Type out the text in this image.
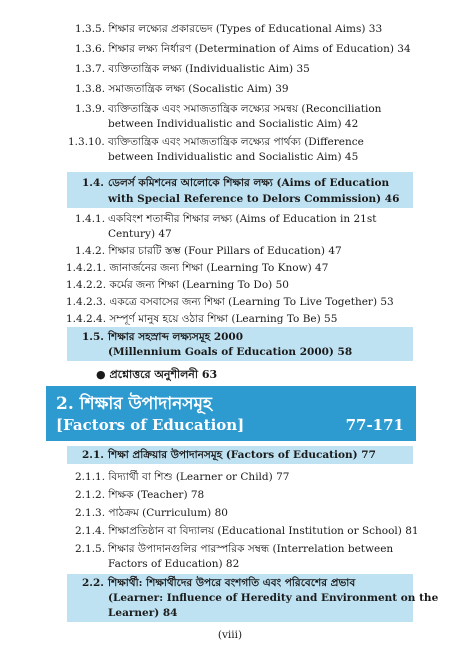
1.3.5. শিক্ষার লক্ষ্যের প্রকারভেদ (Types of Educational Aims) 33
1.3.6. শিক্ষার লক্ষ্য নির্ধারণ (Determination of Aims of Education) 34
1.3.7. ব্যক্তিতান্ত্রিক লক্ষ্য (Individualistic Aim) 35
1.3.8. সমাজতান্ত্রিক লক্ষ্য (Socalistic Aim) 39
1.3.9. ব্যক্তিতান্ত্রিক এবং সমাজতান্ত্রিক লক্ষ্যের সমন্বয় (Reconciliation
between Individualistic and Socialistic Aim) 42
1.3.10. ব্যক্তিতান্ত্রিক এবং সমাজতান্ত্রিক লক্ষ্যের পার্থক্য (Difference
between Individualistic and Socialistic Aim) 45
1.4. ডেলর্স কমিশনের আলোকে শিক্ষার লক্ষ্য (Aims of Education
with Special Reference to Delors Commission) 46
1.4.1. একবিংশ শতাব্দীর শিক্ষার লক্ষ্য (Aims of Education in 21st
Century) 47
1.4.2. শিক্ষার চারটি স্তম্ভ (Four Pillars of Education) 47
1.4.2.1. জানার্জনের জন্য শিক্ষা (Learning To Know) 47
1.4.2.2. কর্মের জন্য শিক্ষা (Learning To Do) 50
1.4.2.3. একত্রে বসবাসের জন্য শিক্ষা (Learning To Live Together) 53
1.4.2.4. সম্পূর্ণ মানুষ হয়ে ওঠার শিক্ষা (Learning To Be) 55
(viii)
1.5. শিক্ষার সহস্রাব্দ লক্ষ্যসমূহ 2000
(Millennium Goals of Education 2000) 58
● প্রশ্নোত্তরে অনুশীলনী 63
2. শিক্ষার উপাদানসমূহ
[Factors of Education]	77-171
2.1. শিক্ষা প্রক্রিয়ার উপাদানসমূহ (Factors of Education) 77
2.1.1. বিদ্যার্থী বা শিশু (Learner or Child) 77
2.1.2. শিক্ষক (Teacher) 78
2.1.3. পাঠক্রম (Curriculum) 80
2.1.4. শিক্ষাপ্রতিষ্ঠান বা বিদ্যালয় (Educational Institution or School) 81
2.1.5. শিক্ষার উপাদানগুলির পারস্পরিক সম্বন্ধ (Interrelation between
Factors of Education) 82
2.2. শিক্ষার্থী: শিক্ষার্থীদের উপরে বংশগতি এবং পরিবেশের প্রভাব
(Learner: Influence of Heredity and Environment on the
Learner) 84
